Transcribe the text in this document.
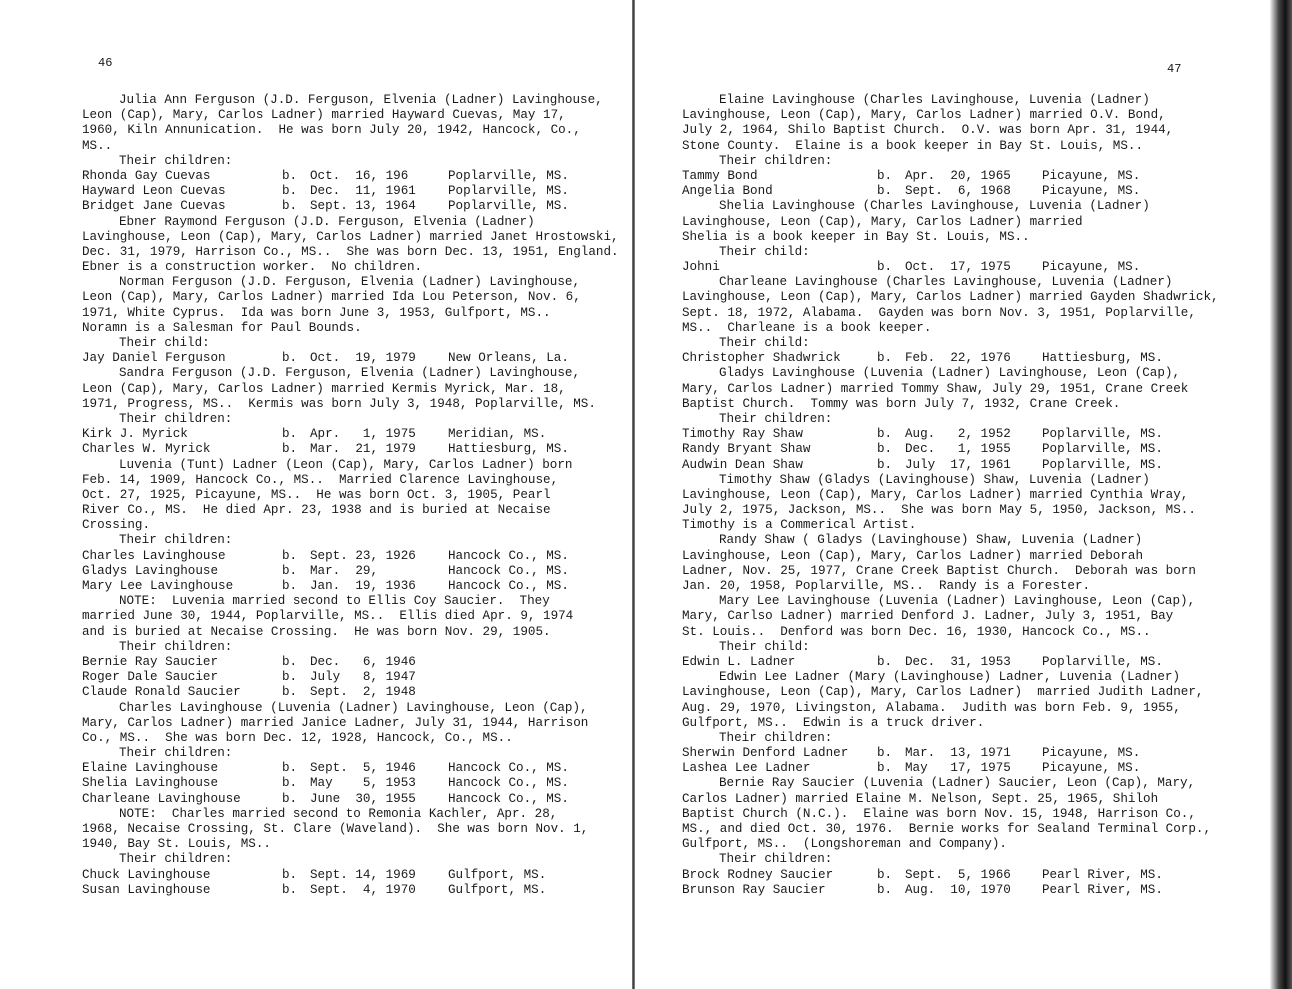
46
Julia Ann Ferguson (J.D. Ferguson, Elvenia (Ladner) Lavinghouse,
Leon (Cap), Mary, Carlos Ladner) married Hayward Cuevas, May 17,
1960, Kiln Annunication.  He was born July 20, 1942, Hancock, Co.,
MS..
Their children:
Rhonda Gay Cuevas	b.	Oct.  16, 196	Poplarville, MS.
Hayward Leon Cuevas	b.	Dec.  11, 1961	Poplarville, MS.
Bridget Jane Cuevas	b.	Sept. 13, 1964	Poplarville, MS.
Ebner Raymond Ferguson (J.D. Ferguson, Elvenia (Ladner)
Lavinghouse, Leon (Cap), Mary, Carlos Ladner) married Janet Hrostowski,
Dec. 31, 1979, Harrison Co., MS..  She was born Dec. 13, 1951, England.
Ebner is a construction worker.  No children.
Norman Ferguson (J.D. Ferguson, Elvenia (Ladner) Lavinghouse,
Leon (Cap), Mary, Carlos Ladner) married Ida Lou Peterson, Nov. 6,
1971, White Cyprus.  Ida was born June 3, 1953, Gulfport, MS..
Noramn is a Salesman for Paul Bounds.
Their child:
Jay Daniel Ferguson	b.	Oct.  19, 1979	New Orleans, La.
Sandra Ferguson (J.D. Ferguson, Elvenia (Ladner) Lavinghouse,
Leon (Cap), Mary, Carlos Ladner) married Kermis Myrick, Mar. 18,
1971, Progress, MS..  Kermis was born July 3, 1948, Poplarville, MS.
Their children:
Kirk J. Myrick	b.	Apr.   1, 1975	Meridian, MS.
Charles W. Myrick	b.	Mar.  21, 1979	Hattiesburg, MS.
Luvenia (Tunt) Ladner (Leon (Cap), Mary, Carlos Ladner) born
Feb. 14, 1909, Hancock Co., MS..  Married Clarence Lavinghouse,
Oct. 27, 1925, Picayune, MS..  He was born Oct. 3, 1905, Pearl
River Co., MS.  He died Apr. 23, 1938 and is buried at Necaise
Crossing.
Their children:
Charles Lavinghouse	b.	Sept. 23, 1926	Hancock Co., MS.
Gladys Lavinghouse	b.	Mar.  29,	Hancock Co., MS.
Mary Lee Lavinghouse	b.	Jan.  19, 1936	Hancock Co., MS.
NOTE:  Luvenia married second to Ellis Coy Saucier.  They
married June 30, 1944, Poplarville, MS..  Ellis died Apr. 9, 1974
and is buried at Necaise Crossing.  He was born Nov. 29, 1905.
Their children:
Bernie Ray Saucier	b.	Dec.   6, 1946
Roger Dale Saucier	b.	July   8, 1947
Claude Ronald Saucier	b.	Sept.  2, 1948
Charles Lavinghouse (Luvenia (Ladner) Lavinghouse, Leon (Cap),
Mary, Carlos Ladner) married Janice Ladner, July 31, 1944, Harrison
Co., MS..  She was born Dec. 12, 1928, Hancock, Co., MS..
Their children:
Elaine Lavinghouse	b.	Sept.  5, 1946	Hancock Co., MS.
Shelia Lavinghouse	b.	May    5, 1953	Hancock Co., MS.
Charleane Lavinghouse	b.	June  30, 1955	Hancock Co., MS.
NOTE:  Charles married second to Remonia Kachler, Apr. 28,
1968, Necaise Crossing, St. Clare (Waveland).  She was born Nov. 1,
1940, Bay St. Louis, MS..
Their children:
Chuck Lavinghouse	b.	Sept. 14, 1969	Gulfport, MS.
Susan Lavinghouse	b.	Sept.  4, 1970	Gulfport, MS.
47
Elaine Lavinghouse (Charles Lavinghouse, Luvenia (Ladner)
Lavinghouse, Leon (Cap), Mary, Carlos Ladner) married O.V. Bond,
July 2, 1964, Shilo Baptist Church.  O.V. was born Apr. 31, 1944,
Stone County.  Elaine is a book keeper in Bay St. Louis, MS..
Their children:
Tammy Bond	b.	Apr.  20, 1965	Picayune, MS.
Angelia Bond	b.	Sept.  6, 1968	Picayune, MS.
Shelia Lavinghouse (Charles Lavinghouse, Luvenia (Ladner)
Lavinghouse, Leon (Cap), Mary, Carlos Ladner) married
Shelia is a book keeper in Bay St. Louis, MS..
Their child:
Johni	b.	Oct.  17, 1975	Picayune, MS.
Charleane Lavinghouse (Charles Lavinghouse, Luvenia (Ladner)
Lavinghouse, Leon (Cap), Mary, Carlos Ladner) married Gayden Shadwrick,
Sept. 18, 1972, Alabama.  Gayden was born Nov. 3, 1951, Poplarville,
MS..  Charleane is a book keeper.
Their child:
Christopher Shadwrick	b.	Feb.  22, 1976	Hattiesburg, MS.
Gladys Lavinghouse (Luvenia (Ladner) Lavinghouse, Leon (Cap),
Mary, Carlos Ladner) married Tommy Shaw, July 29, 1951, Crane Creek
Baptist Church.  Tommy was born July 7, 1932, Crane Creek.
Their children:
Timothy Ray Shaw	b.	Aug.   2, 1952	Poplarville, MS.
Randy Bryant Shaw	b.	Dec.   1, 1955	Poplarville, MS.
Audwin Dean Shaw	b.	July  17, 1961	Poplarville, MS.
Timothy Shaw (Gladys (Lavinghouse) Shaw, Luvenia (Ladner)
Lavinghouse, Leon (Cap), Mary, Carlos Ladner) married Cynthia Wray,
July 2, 1975, Jackson, MS..  She was born May 5, 1950, Jackson, MS..
Timothy is a Commerical Artist.
Randy Shaw ( Gladys (Lavinghouse) Shaw, Luvenia (Ladner)
Lavinghouse, Leon (Cap), Mary, Carlos Ladner) married Deborah
Ladner, Nov. 25, 1977, Crane Creek Baptist Church.  Deborah was born
Jan. 20, 1958, Poplarville, MS..  Randy is a Forester.
Mary Lee Lavinghouse (Luvenia (Ladner) Lavinghouse, Leon (Cap),
Mary, Carlso Ladner) married Denford J. Ladner, July 3, 1951, Bay
St. Louis..  Denford was born Dec. 16, 1930, Hancock Co., MS..
Their child:
Edwin L. Ladner	b.	Dec.  31, 1953	Poplarville, MS.
Edwin Lee Ladner (Mary (Lavinghouse) Ladner, Luvenia (Ladner)
Lavinghouse, Leon (Cap), Mary, Carlos Ladner)  married Judith Ladner,
Aug. 29, 1970, Livingston, Alabama.  Judith was born Feb. 9, 1955,
Gulfport, MS..  Edwin is a truck driver.
Their children:
Sherwin Denford Ladner	b.	Mar.  13, 1971	Picayune, MS.
Lashea Lee Ladner	b.	May   17, 1975	Picayune, MS.
Bernie Ray Saucier (Luvenia (Ladner) Saucier, Leon (Cap), Mary,
Carlos Ladner) married Elaine M. Nelson, Sept. 25, 1965, Shiloh
Baptist Church (N.C.).  Elaine was born Nov. 15, 1948, Harrison Co.,
MS., and died Oct. 30, 1976.  Bernie works for Sealand Terminal Corp.,
Gulfport, MS..  (Longshoreman and Company).
Their children:
Brock Rodney Saucier	b.	Sept.  5, 1966	Pearl River, MS.
Brunson Ray Saucier	b.	Aug.  10, 1970	Pearl River, MS.
